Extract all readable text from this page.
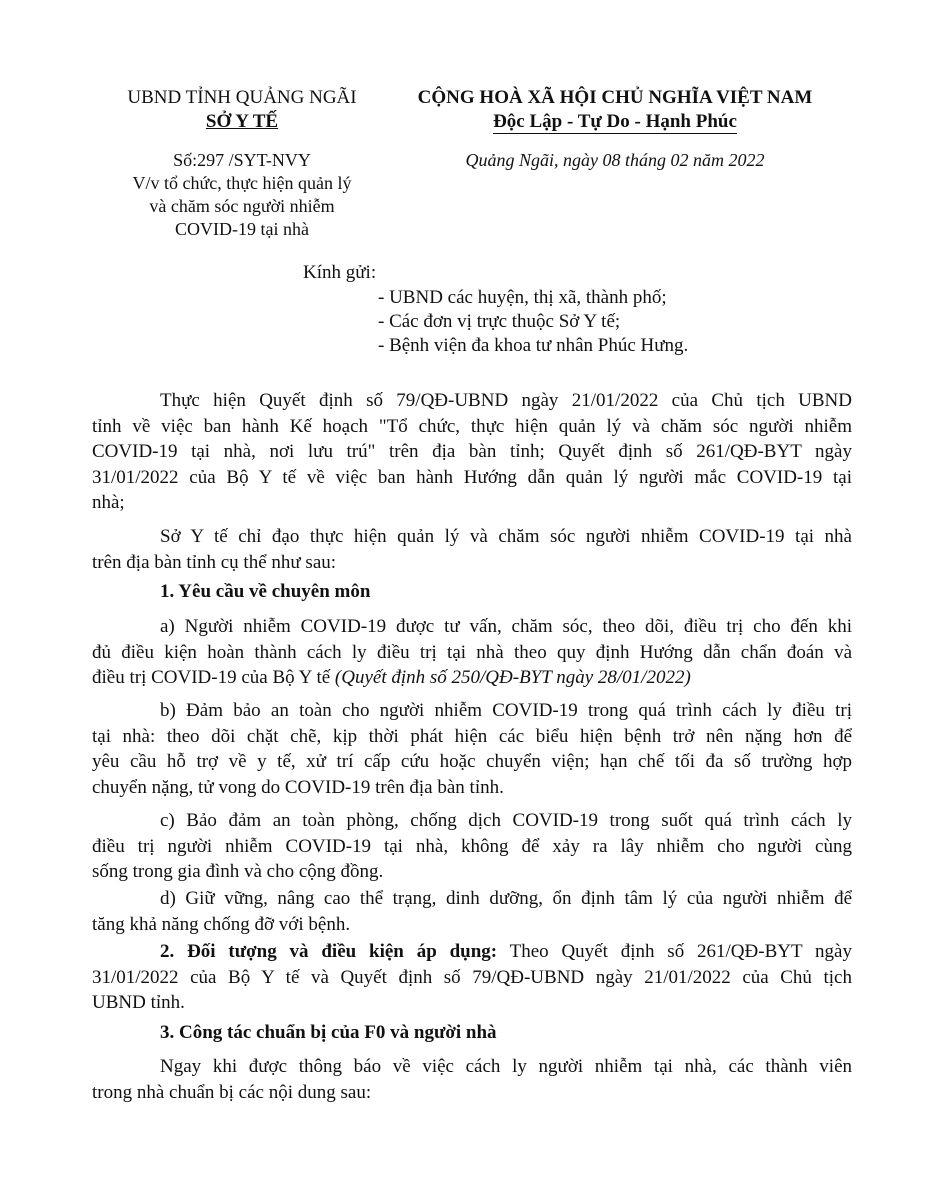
UBND TỈNH QUẢNG NGÃI
SỞ Y TẾ
Số:297 /SYT-NVY
V/v tổ chức, thực hiện quản lý
và chăm sóc người nhiễm
COVID-19 tại nhà
CỘNG HOÀ XÃ HỘI CHỦ NGHĨA VIỆT NAM
Độc Lập - Tự Do - Hạnh Phúc
Quảng Ngãi, ngày 08 tháng 02 năm 2022
Kính gửi:
- UBND các huyện, thị xã, thành phố;
- Các đơn vị trực thuộc Sở Y tế;
- Bệnh viện đa khoa tư nhân Phúc Hưng.
Thực hiện Quyết định số 79/QĐ-UBND ngày 21/01/2022 của Chủ tịch UBND
tỉnh về việc ban hành Kế hoạch "Tổ chức, thực hiện quản lý và chăm sóc người nhiễm
COVID-19 tại nhà, nơi lưu trú" trên địa bàn tỉnh; Quyết định số 261/QĐ-BYT ngày
31/01/2022 của Bộ Y tế về việc ban hành Hướng dẫn quản lý người mắc COVID-19 tại
nhà;
Sở Y tế chỉ đạo thực hiện quản lý và chăm sóc người nhiễm COVID-19 tại nhà
trên địa bàn tỉnh cụ thể như sau:
1. Yêu cầu về chuyên môn
a) Người nhiễm COVID-19 được tư vấn, chăm sóc, theo dõi, điều trị cho đến khi
đủ điều kiện hoàn thành cách ly điều trị tại nhà theo quy định Hướng dẫn chẩn đoán và
điều trị COVID-19 của Bộ Y tế (Quyết định số 250/QĐ-BYT ngày 28/01/2022)
b) Đảm bảo an toàn cho người nhiễm COVID-19 trong quá trình cách ly điều trị
tại nhà: theo dõi chặt chẽ, kịp thời phát hiện các biểu hiện bệnh trở nên nặng hơn để
yêu cầu hỗ trợ về y tế, xử trí cấp cứu hoặc chuyển viện; hạn chế tối đa số trường hợp
chuyển nặng, tử vong do COVID-19 trên địa bàn tỉnh.
c) Bảo đảm an toàn phòng, chống dịch COVID-19 trong suốt quá trình cách ly
điều trị người nhiễm COVID-19 tại nhà, không để xảy ra lây nhiễm cho người cùng
sống trong gia đình và cho cộng đồng.
d) Giữ vững, nâng cao thể trạng, dinh dưỡng, ổn định tâm lý của người nhiễm để
tăng khả năng chống đỡ với bệnh.
2. Đối tượng và điều kiện áp dụng: Theo Quyết định số 261/QĐ-BYT ngày
31/01/2022 của Bộ Y tế và Quyết định số 79/QĐ-UBND ngày 21/01/2022 của Chủ tịch
UBND tỉnh.
3. Công tác chuẩn bị của F0 và người nhà
Ngay khi được thông báo về việc cách ly người nhiễm tại nhà, các thành viên
trong nhà chuẩn bị các nội dung sau:
